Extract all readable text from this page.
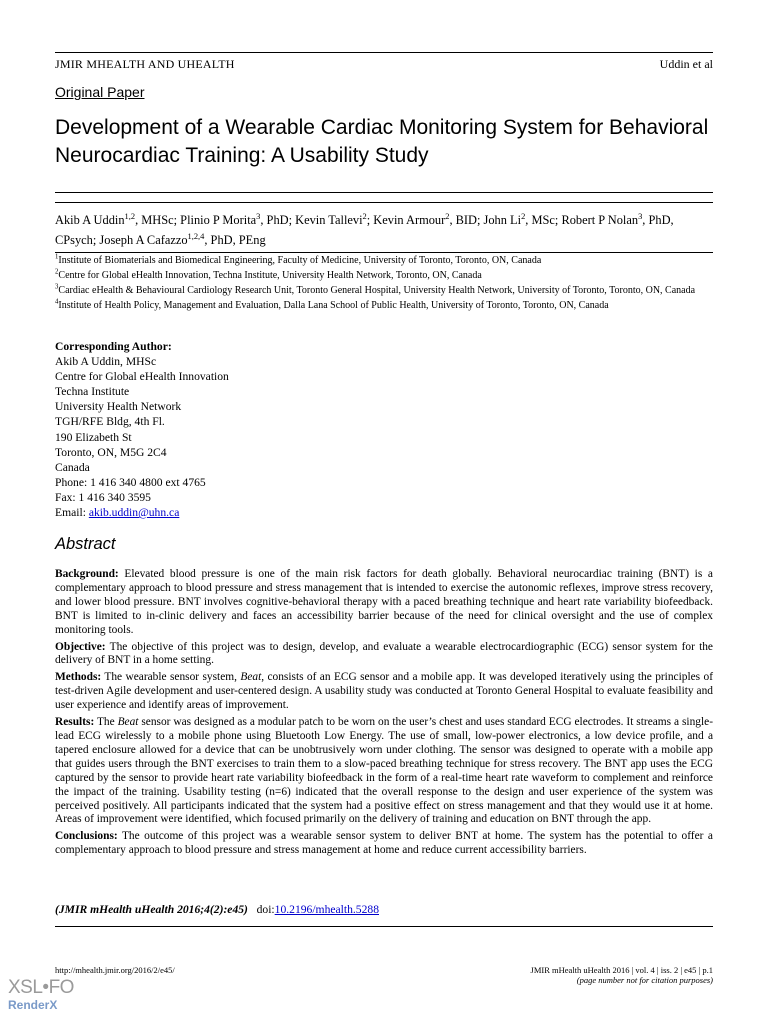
JMIR MHEALTH AND UHEALTH	Uddin et al
Original Paper
Development of a Wearable Cardiac Monitoring System for Behavioral Neurocardiac Training: A Usability Study
Akib A Uddin$^{1,2}$, MHSc; Plinio P Morita$^3$, PhD; Kevin Tallevi$^2$; Kevin Armour$^2$, BID; John Li$^2$, MSc; Robert P Nolan$^3$, PhD, CPsych; Joseph A Cafazzo$^{1,2,4}$, PhD, PEng

$^1$Institute of Biomaterials and Biomedical Engineering, Faculty of Medicine, University of Toronto, Toronto, ON, Canada

$^2$Centre for Global eHealth Innovation, Techna Institute, University Health Network, Toronto, ON, Canada

$^3$Cardiac eHealth & Behavioural Cardiology Research Unit, Toronto General Hospital, University Health Network, University of Toronto, Toronto, ON, Canada

$^4$Institute of Health Policy, Management and Evaluation, Dalla Lana School of Public Health, University of Toronto, Toronto, ON, Canada

Corresponding Author:
Akib A Uddin, MHSc
Centre for Global eHealth Innovation
Techna Institute
University Health Network
TGH/RFE Bldg, 4th Fl.
190 Elizabeth St
Toronto, ON, M5G 2C4
Canada
Phone: 1 416 340 4800 ext 4765
Fax: 1 416 340 3595
Email: akib.uddin@uhn.ca
Abstract

Background: Elevated blood pressure is one of the main risk factors for death globally. Behavioral neurocardiac training (BNT) is a complementary approach to blood pressure and stress management that is intended to exercise the autonomic reflexes, improve stress recovery, and lower blood pressure. BNT involves cognitive-behavioral therapy with a paced breathing technique and heart rate variability biofeedback. BNT is limited to in-clinic delivery and faces an accessibility barrier because of the need for clinical oversight and the use of complex monitoring tools.

Objective: The objective of this project was to design, develop, and evaluate a wearable electrocardiographic (ECG) sensor system for the delivery of BNT in a home setting.

Methods: The wearable sensor system, Beat, consists of an ECG sensor and a mobile app. It was developed iteratively using the principles of test-driven Agile development and user-centered design. A usability study was conducted at Toronto General Hospital to evaluate feasibility and user experience and identify areas of improvement.

Results: The Beat sensor was designed as a modular patch to be worn on the user’s chest and uses standard ECG electrodes. It streams a single-lead ECG wirelessly to a mobile phone using Bluetooth Low Energy. The use of small, low-power electronics, a low device profile, and a tapered enclosure allowed for a device that can be unobtrusively worn under clothing. The sensor was designed to operate with a mobile app that guides users through the BNT exercises to train them to a slow-paced breathing technique for stress recovery. The BNT app uses the ECG captured by the sensor to provide heart rate variability biofeedback in the form of a real-time heart rate waveform to complement and reinforce the impact of the training. Usability testing (n=6) indicated that the overall response to the design and user experience of the system was perceived positively. All participants indicated that the system had a positive effect on stress management and that they would use it at home. Areas of improvement were identified, which focused primarily on the delivery of training and education on BNT through the app.

Conclusions: The outcome of this project was a wearable sensor system to deliver BNT at home. The system has the potential to offer a complementary approach to blood pressure and stress management at home and reduce current accessibility barriers.

(JMIR mHealth uHealth 2016;4(2):e45) doi:10.2196/mhealth.5288
http://mhealth.jmir.org/2016/2/e45/	JMIR mHealth uHealth 2016 | vol. 4 | iss. 2 | e45 | p.1
(page number not for citation purposes)
XSL•FO
RenderX
